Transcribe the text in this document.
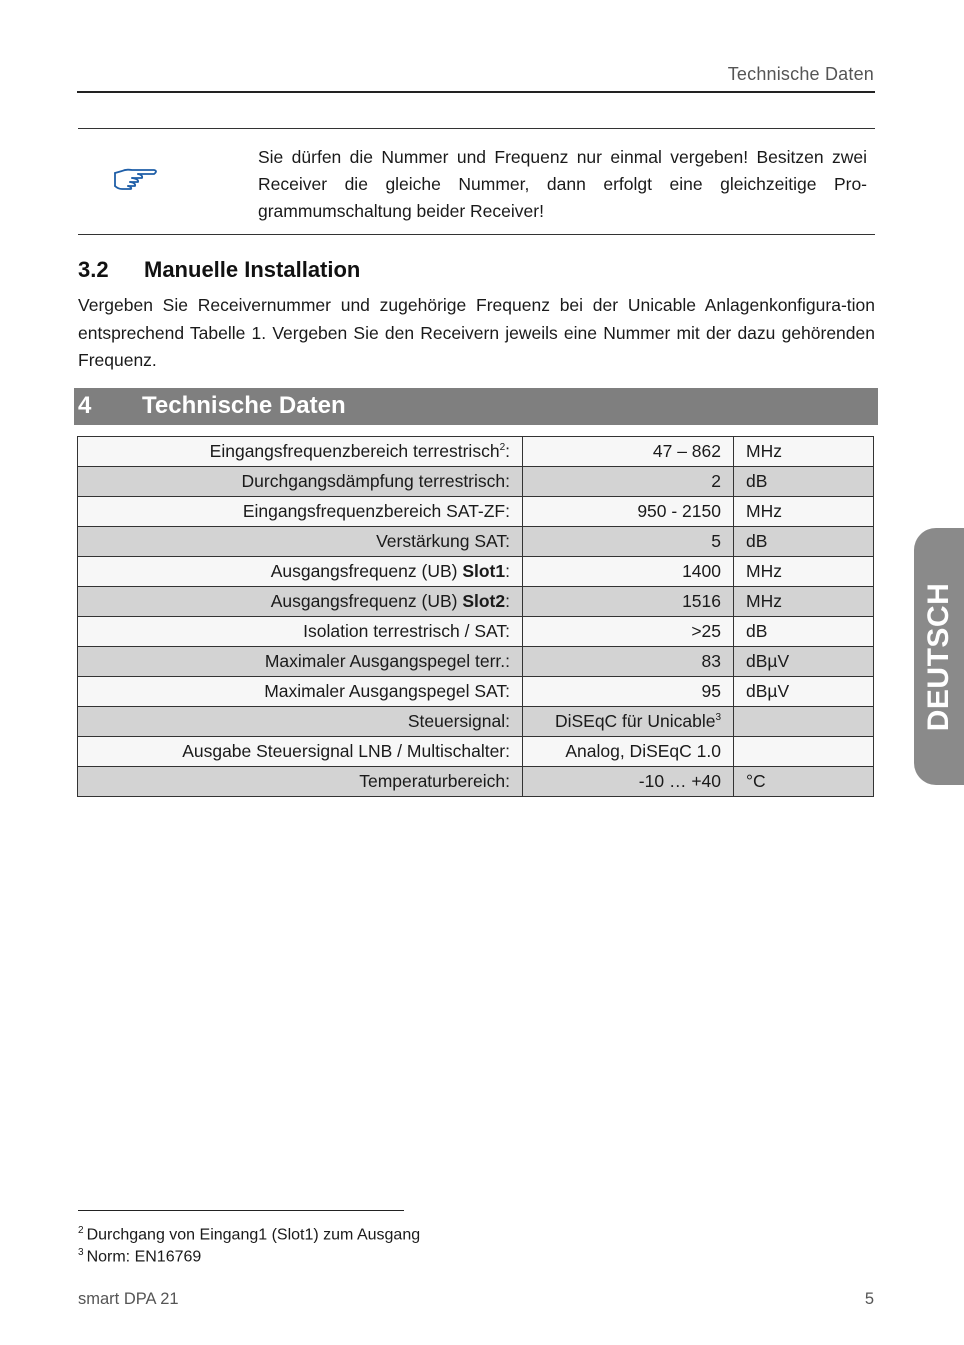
Technische Daten
Sie dürfen die Nummer und Frequenz nur einmal vergeben! Besitzen zwei Receiver die gleiche Nummer, dann erfolgt eine gleichzeitige Pro-grammumschaltung beider Receiver!
3.2 Manuelle Installation
Vergeben Sie Receivernummer und zugehörige Frequenz bei der Unicable Anlagenkonfigura-tion entsprechend Tabelle 1. Vergeben Sie den Receivern jeweils eine Nummer mit der dazu gehörenden Frequenz.
4 Technische Daten
Eingangsfrequenzbereich terrestrisch$^2$:	47 – 862	MHz
Durchgangsdämpfung terrestrisch:	2	dB
Eingangsfrequenzbereich SAT-ZF:	950 - 2150	MHz
Verstärkung SAT:	5	dB
Ausgangsfrequenz (UB) Slot1:	1400	MHz
Ausgangsfrequenz (UB) Slot2:	1516	MHz
Isolation terrestrisch / SAT:	>25	dB
Maximaler Ausgangspegel terr.:	83	dBµV
Maximaler Ausgangspegel SAT:	95	dBµV
Steuersignal:	DiSEqC für Unicable$^3$	
Ausgabe Steuersignal LNB / Multischalter:	Analog, DiSEqC 1.0	
Temperaturbereich:	-10 … +40	°C
DEUTSCH
$^2$ Durchgang von Eingang1 (Slot1) zum Ausgang
$^3$ Norm: EN16769
smart DPA 21	5
